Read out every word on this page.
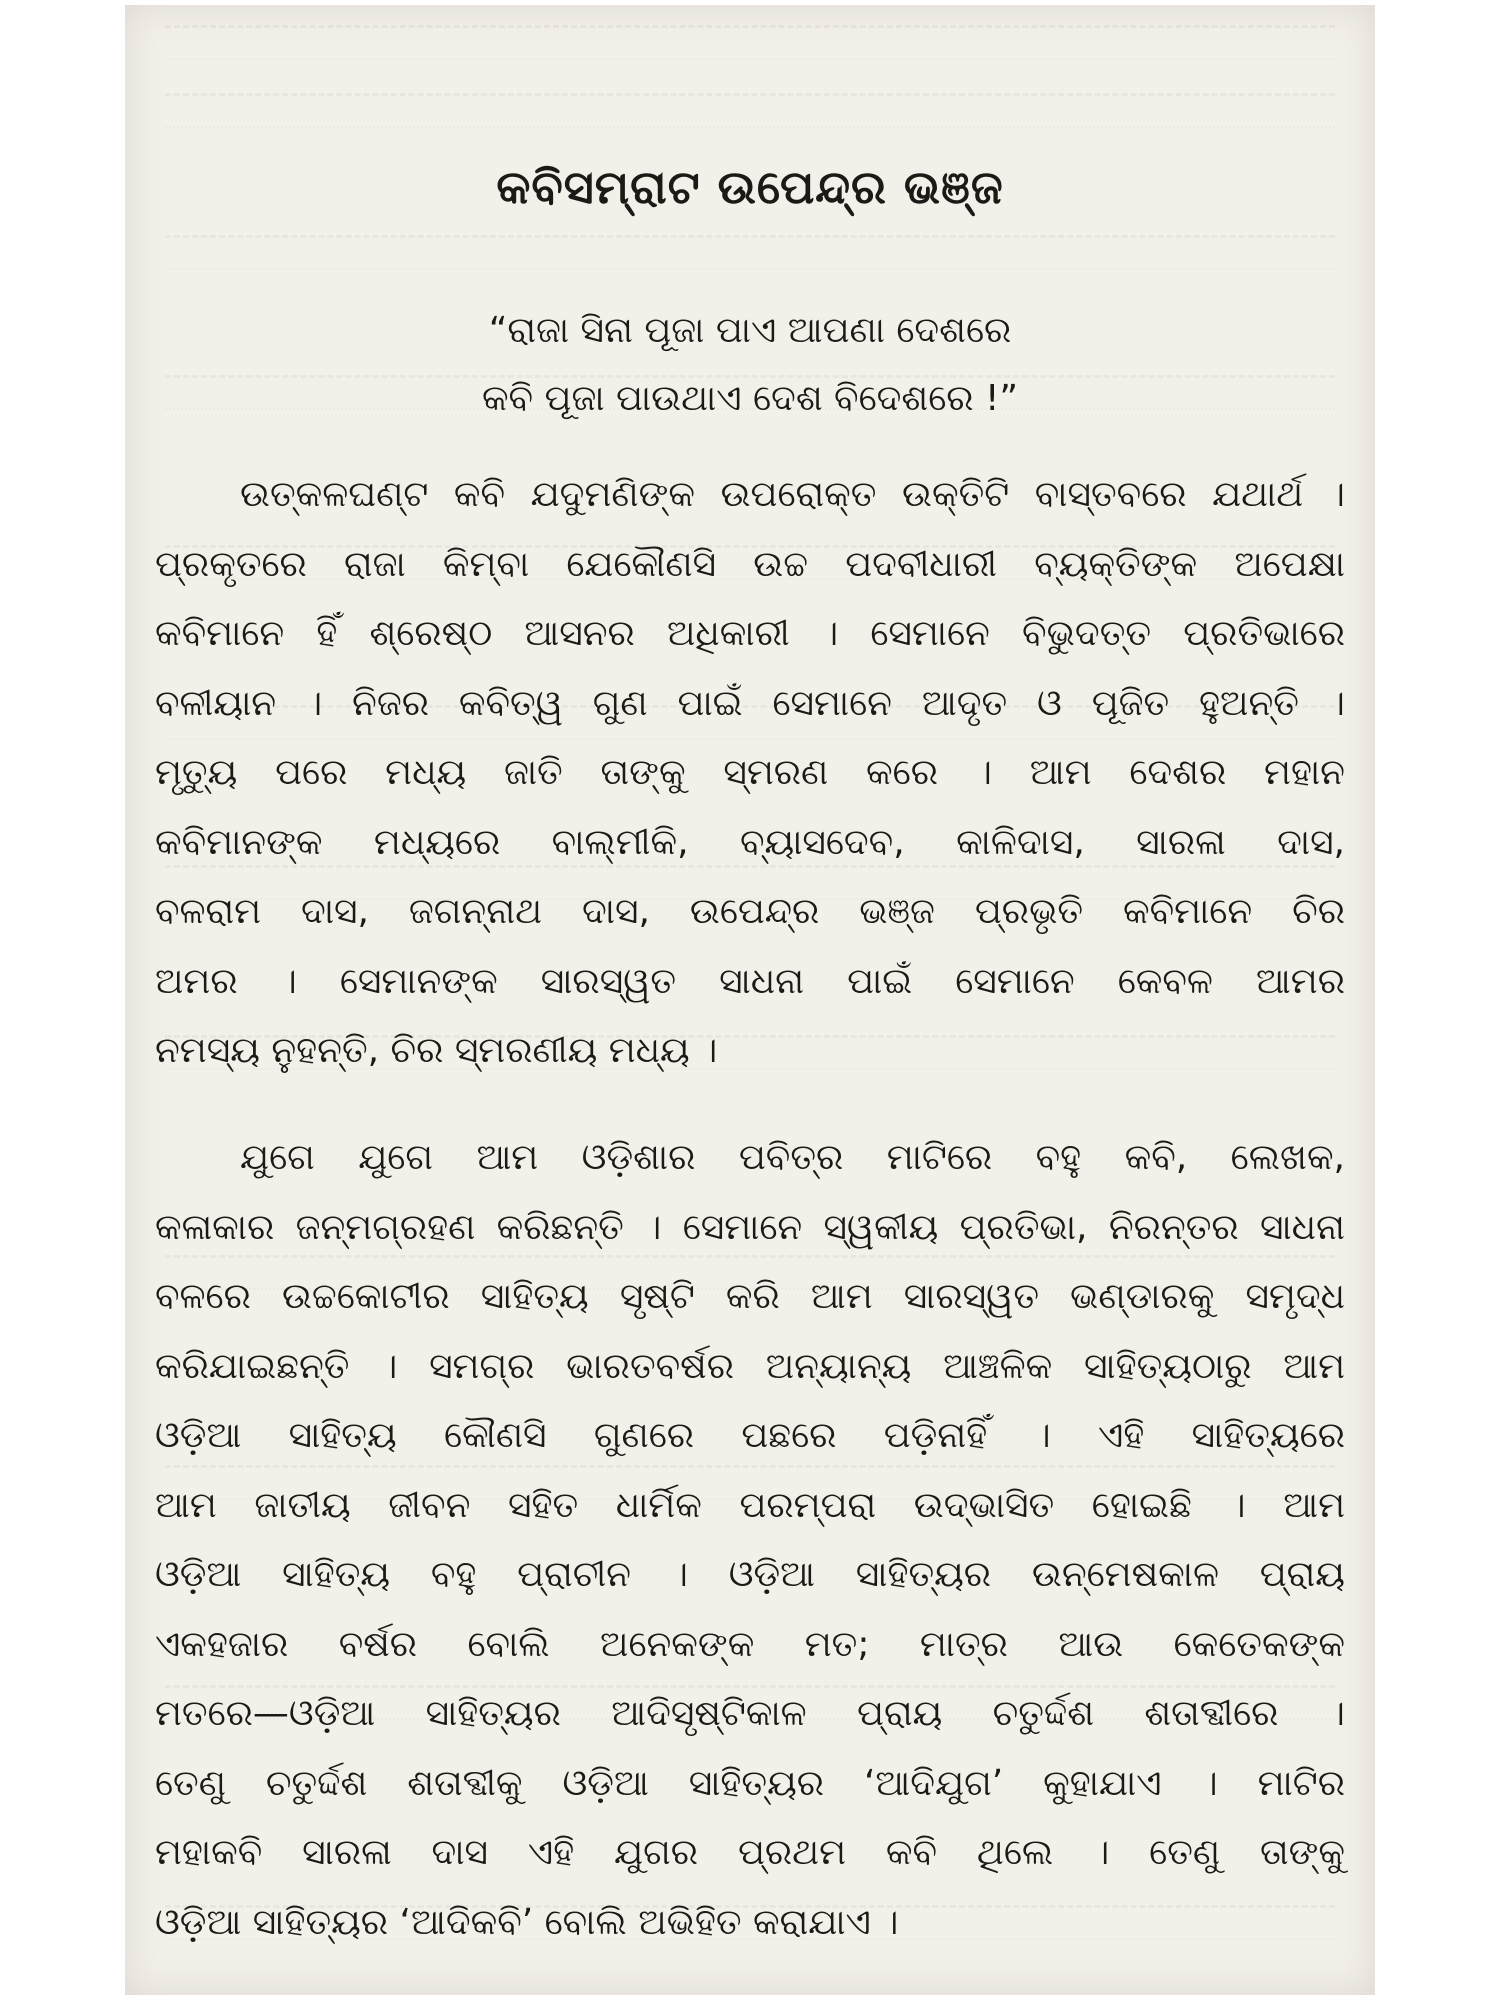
କବିସମ୍ରାଟ ଉପେନ୍ଦ୍ର ଭଞ୍ଜ
“ରାଜା ସିନା ପୂଜା ପାଏ ଆପଣା ଦେଶରେ
କବି ପୂଜା ପାଉଥାଏ ଦେଶ ବିଦେଶରେ !”
ଉତ୍କଳଘଣ୍ଟ କବି ଯଦୁମଣିଙ୍କ ଉପରୋକ୍ତ ଉକ୍ତିଟି ବାସ୍ତବରେ ଯଥାର୍ଥ ।
ପ୍ରକୃତରେ ରାଜା କିମ୍ବା ଯେକୌଣସି ଉଚ୍ଚ ପଦବୀଧାରୀ ବ୍ୟକ୍ତିଙ୍କ ଅପେକ୍ଷା
କବିମାନେ ହିଁ ଶ୍ରେଷ୍ଠ ଆସନର ଅଧିକାରୀ । ସେମାନେ ବିଭୁଦତ୍ତ ପ୍ରତିଭାରେ
ବଳୀୟାନ । ନିଜର କବିତ୍ୱ ଗୁଣ ପାଇଁ ସେମାନେ ଆଦୃତ ଓ ପୂଜିତ ହୁଅନ୍ତି ।
ମୃତ୍ୟୁ ପରେ ମଧ୍ୟ ଜାତି ତାଙ୍କୁ ସ୍ମରଣ କରେ । ଆମ ଦେଶର ମହାନ
କବିମାନଙ୍କ ମଧ୍ୟରେ ବାଲ୍ମୀକି, ବ୍ୟାସଦେବ, କାଳିଦାସ, ସାରଳା ଦାସ,
ବଳରାମ ଦାସ, ଜଗନ୍ନାଥ ଦାସ, ଉପେନ୍ଦ୍ର ଭଞ୍ଜ ପ୍ରଭୃତି କବିମାନେ ଚିର
ଅମର । ସେମାନଙ୍କ ସାରସ୍ୱତ ସାଧନା ପାଇଁ ସେମାନେ କେବଳ ଆମର
ନମସ୍ୟ ନୁହନ୍ତି, ଚିର ସ୍ମରଣୀୟ ମଧ୍ୟ ।
ଯୁଗେ ଯୁଗେ ଆମ ଓଡ଼ିଶାର ପବିତ୍ର ମାଟିରେ ବହୁ କବି, ଲେଖକ,
କଳାକାର ଜନ୍ମଗ୍ରହଣ କରିଛନ୍ତି । ସେମାନେ ସ୍ୱକୀୟ ପ୍ରତିଭା, ନିରନ୍ତର ସାଧନା
ବଳରେ ଉଚ୍ଚକୋଟୀର ସାହିତ୍ୟ ସୃଷ୍ଟି କରି ଆମ ସାରସ୍ୱତ ଭଣ୍ଡାରକୁ ସମୃଦ୍ଧ
କରିଯାଇଛନ୍ତି । ସମଗ୍ର ଭାରତବର୍ଷର ଅନ୍ୟାନ୍ୟ ଆଞ୍ଚଳିକ ସାହିତ୍ୟଠାରୁ ଆମ
ଓଡ଼ିଆ ସାହିତ୍ୟ କୌଣସି ଗୁଣରେ ପଛରେ ପଡ଼ିନାହିଁ । ଏହି ସାହିତ୍ୟରେ
ଆମ ଜାତୀୟ ଜୀବନ ସହିତ ଧାର୍ମିକ ପରମ୍ପରା ଉଦ୍‌ଭାସିତ ହୋଇଛି । ଆମ
ଓଡ଼ିଆ ସାହିତ୍ୟ ବହୁ ପ୍ରାଚୀନ । ଓଡ଼ିଆ ସାହିତ୍ୟର ଉନ୍ମେଷକାଳ ପ୍ରାୟ
ଏକହଜାର ବର୍ଷର ବୋଲି ଅନେକଙ୍କ ମତ; ମାତ୍ର ଆଉ କେତେକଙ୍କ
ମତରେ—ଓଡ଼ିଆ ସାହିତ୍ୟର ଆଦିସୃଷ୍ଟିକାଳ ପ୍ରାୟ ଚତୁର୍ଦ୍ଦଶ ଶତାବ୍ଦୀରେ ।
ତେଣୁ ଚତୁର୍ଦ୍ଦଶ ଶତାବ୍ଦୀକୁ ଓଡ଼ିଆ ସାହିତ୍ୟର ‘ଆଦିଯୁଗ’ କୁହାଯାଏ । ମାଟିର
ମହାକବି ସାରଳା ଦାସ ଏହି ଯୁଗର ପ୍ରଥମ କବି ଥିଲେ । ତେଣୁ ତାଙ୍କୁ
ଓଡ଼ିଆ ସାହିତ୍ୟର ‘ଆଦିକବି’ ବୋଲି ଅଭିହିତ କରାଯାଏ ।
